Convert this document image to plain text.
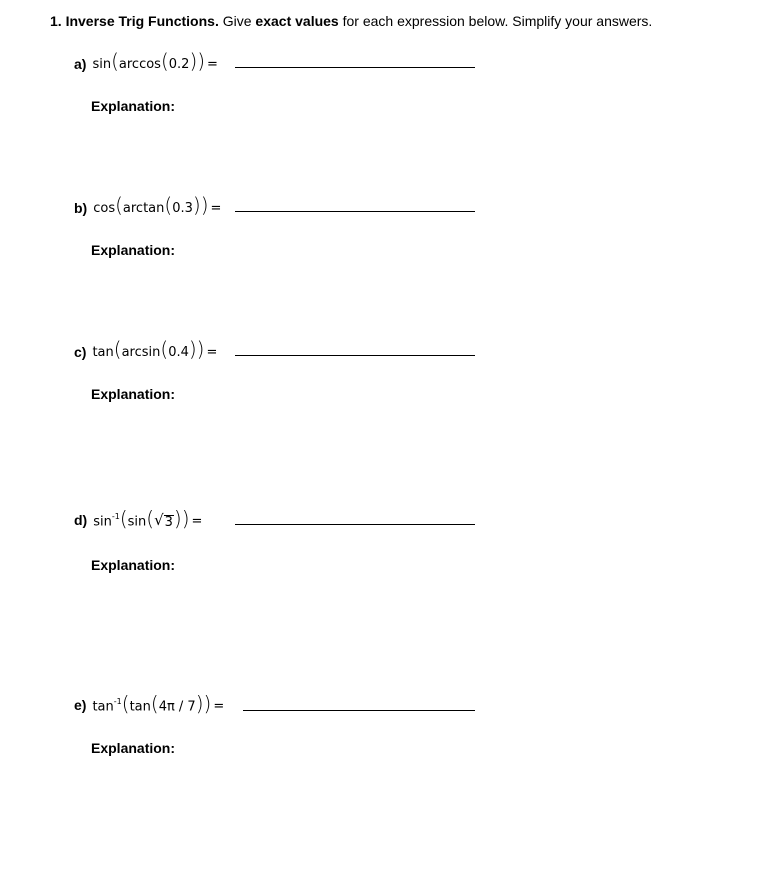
1. Inverse Trig Functions. Give exact values for each expression below. Simplify your answers.
a) sin(arccos(0.2)) =
Explanation:
b) cos(arctan(0.3)) =
Explanation:
c) tan(arcsin(0.4)) =
Explanation:
d) $\sin^{-1}(\sin$( √ 3 )) =
Explanation:
e) $\tan^{-1}(\tan(4\pi / 7))$ =
Explanation:
